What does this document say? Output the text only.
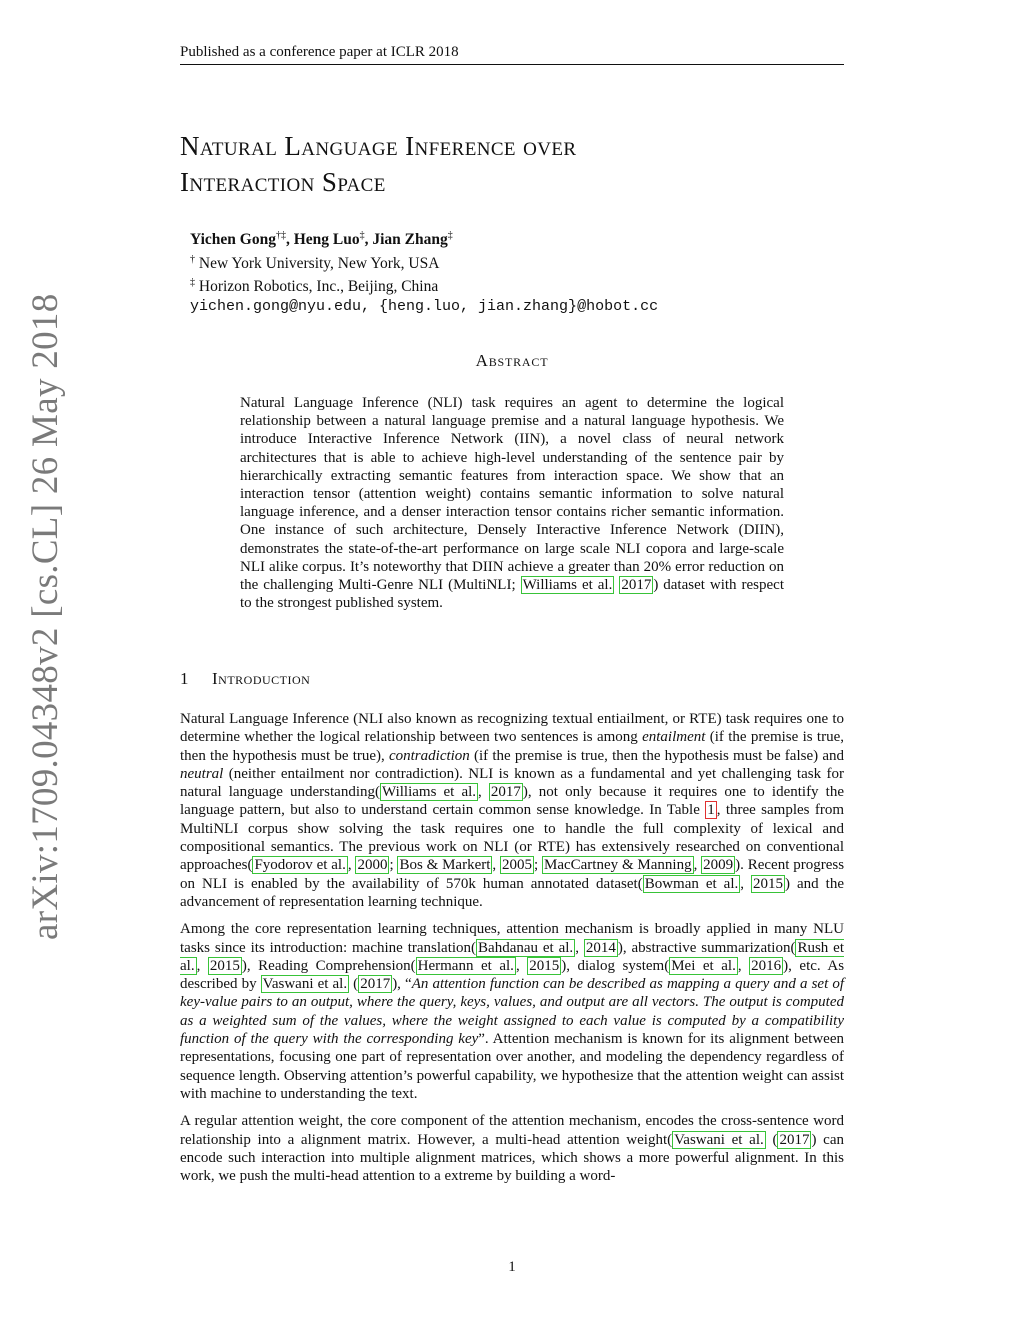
Published as a conference paper at ICLR 2018
Natural Language Inference over
Interaction Space
Yichen Gong†‡, Heng Luo‡, Jian Zhang‡
† New York University, New York, USA
‡ Horizon Robotics, Inc., Beijing, China
yichen.gong@nyu.edu, {heng.luo, jian.zhang}@hobot.cc
Abstract
Natural Language Inference (NLI) task requires an agent to determine the logical relationship between a natural language premise and a natural language hypothesis. We introduce Interactive Inference Network (IIN), a novel class of neural network architectures that is able to achieve high-level understanding of the sentence pair by hierarchically extracting semantic features from interaction space. We show that an interaction tensor (attention weight) contains semantic information to solve natural language inference, and a denser interaction tensor contains richer semantic information. One instance of such architecture, Densely Interactive Inference Network (DIIN), demonstrates the state-of-the-art performance on large scale NLI copora and large-scale NLI alike corpus. It’s noteworthy that DIIN achieve a greater than 20% error reduction on the challenging Multi-Genre NLI (MultiNLI; Williams et al. 2017 ) dataset with respect to the strongest published system.
1 Introduction

Natural Language Inference (NLI also known as recognizing textual entiailment, or RTE) task requires one to determine whether the logical relationship between two sentences is among entailment (if the premise is true, then the hypothesis must be true), contradiction (if the premise is true, then the hypothesis must be false) and neutral (neither entailment nor contradiction). NLI is known as a fundamental and yet challenging task for natural language understanding( Williams et al. , 2017 ), not only because it requires one to identify the language pattern, but also to understand certain common sense knowledge. In Table 1 , three samples from MultiNLI corpus show solving the task requires one to handle the full complexity of lexical and compositional semantics. The previous work on NLI (or RTE) has extensively researched on conventional approaches( Fyodorov et al. , 2000 ; Bos & Markert , 2005 ; MacCartney & Manning , 2009 ). Recent progress on NLI is enabled by the availability of 570k human annotated dataset( Bowman et al. , 2015 ) and the advancement of representation learning technique.

Among the core representation learning techniques, attention mechanism is broadly applied in many NLU tasks since its introduction: machine translation( Bahdanau et al. , 2014 ), abstractive summarization( Rush et al. , 2015 ), Reading Comprehension( Hermann et al. , 2015 ), dialog system( Mei et al. , 2016 ), etc. As described by Vaswani et al. ( 2017 ), “An attention function can be described as mapping a query and a set of key-value pairs to an output, where the query, keys, values, and output are all vectors. The output is computed as a weighted sum of the values, where the weight assigned to each value is computed by a compatibility function of the query with the corresponding key”. Attention mechanism is known for its alignment between representations, focusing one part of representation over another, and modeling the dependency regardless of sequence length. Observing attention’s powerful capability, we hypothesize that the attention weight can assist with machine to understanding the text.

A regular attention weight, the core component of the attention mechanism, encodes the cross-sentence word relationship into a alignment matrix. However, a multi-head attention weight( Vaswani et al. ( 2017 ) can encode such interaction into multiple alignment matrices, which shows a more powerful alignment. In this work, we push the multi-head attention to a extreme by building a word-

arXiv:1709.04348v2 [cs.CL] 26 May 2018
1
